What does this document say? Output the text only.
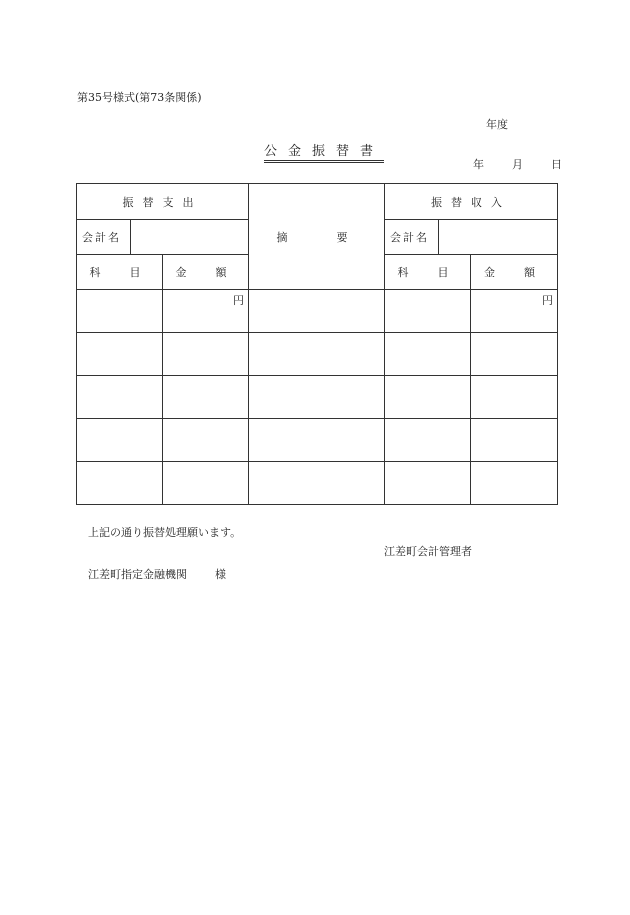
第35号様式(第73条関係)
年度
公金振替書
年	月	日
振替支出			摘　　要	振替収入		
会計名				会計名		
科　目		金　額		科　目		金　額
		円				円

上記の通り振替処理願います。
江差町会計管理者
江差町指定金融機関	様
